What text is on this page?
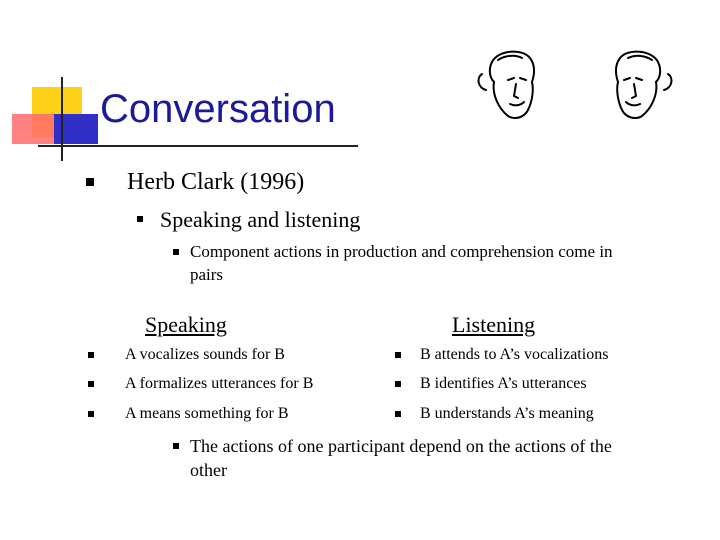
Conversation
Herb Clark (1996)
Speaking and listening
Component actions in production and comprehension come in pairs
Speaking	Listening
A vocalizes sounds for B
A formalizes utterances for B
A means something for B
B attends to A’s vocalizations
B identifies A’s utterances
B understands A’s meaning
The actions of one participant depend on the actions of the other
